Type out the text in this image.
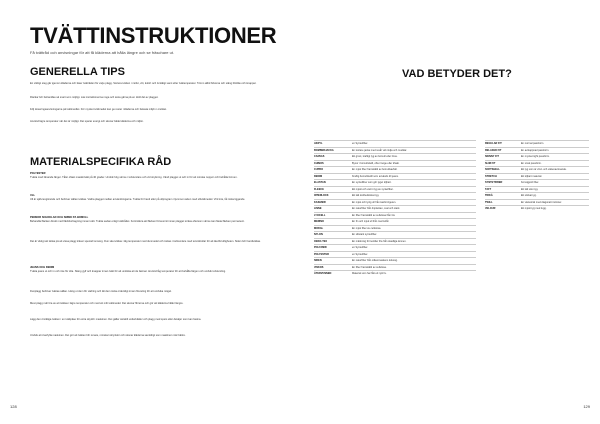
TVÄTTINSTRUKTIONER
Få tvättråd och anvisningar för att få kläderna att hålla längre och se fräschare ut.
GENERELLA TIPS
En vikitigt steg går igenom kläderna och läser tvättråden för varje plagg. Sortera tvätten i mörkt, vitt, kulört och ömtåligt samt efter tvättemperatur. Tömm alltid fickorna och stäng blixtlås och knappar.
Fläckar bör behandlas så snart som möjligt. Läs instruktionerna noga och testa gärna på en dold del av plagget.
Följ doseringsanvisningarna på tvättmedlet. För mycket tvättmedel kan ge rester i kläderna och belasta miljön i onödan.
Använd lägre temperatur när det är möjligt. Det sparar energi och skonar både kläderna och miljön.
MATERIALSPECIFIKA RÅD
POLYESTER
Tvätta med liknande färger. Tåler oftast maskintvätt på 40 grader. Undvik hög värme i torktumlare och vid strykning. Vänd plagget ut och in för att minska noppor och behålla formen.
ULL
Ull är självrengörande och behöver sällan tvättas. Vädra plagget mellan användningarna. Tvätta för hand eller på ullprogram i ljummet vatten med ulltvättmedel. Vrid inte, låt torka liggande.
PENNOR SCHOKLAD OCH SMINK PÅ BOMULL
Behandla fläcken direkt med fläckborttagning innan tvätt. Tvätta sedan enligt tvättrådet. Kontrollera att fläcken försvunnit innan plagget torkas eftersom värme kan fästa fläcken permanent.
Det är viktigt att tänka på att vissa plagg kräver speciell omsorg. Dun ska tvättas i låg temperatur med dunmedel och torkas i torktumlare med tennisbollar för att återfå luftigheten. Siden bör handtvättas.
JEANS OCH DENIM
Tvätta jeans ut och in och inte för ofta. Stäng gylf och knappar innan tvätt för att undvika att de fastnar. Använd låg temperatur för att behålla färgen och undvik torktumling.
Dunplagg behöver tvättas sällan. Häng ut dem för vädring och låt dem torka ordentligt innan förvaring för att undvika mögel.
Mest plagg mår bra av att tvättas i lägre temperatur och med ett milt tvättmedel. Det skonar fibrerna och gör att kläderna håller längre.
Lägg den ömtåliga tvätten i en tvättpåse för extra skydd i maskinen. Det gäller särskilt underkläder och plagg med spets eller detaljer som kan fastna.
Undvik att överfylla maskinen. Det gör att tvätten blir renare, minskar skrynklor och skonar kläderna samtidigt som maskinen mår bättre.
128
VAD BETYDER DET?
AKRYL	en Syntetfiber.
BOMBERJACKA	En kortare jacka med resår vid midja och muddar.
CANVAS	Ett grovt, kraftigt tyg av bomull eller linne.
CHINOS	Byxor i bomullstwill, ofta i beige eller khaki.
CUPRO	En mjuk fiber framställd av bomullsavfall.
DENIM	Kraftig bomullstwill som används till jeans.
ELASTAN	En syntetfiber som gör tyget töjbart.
FLEECE	Ett mjukt och varmt tyg av syntetfiber.
INTERLOCK	Ett tätt dubbelstickat tyg.
KASHMIR	En mjuk och lyxig ull från kashmirgeten.
LINNE	En naturfiber från linplantan, sval och stark.
LYOCELL	En fiber framställd av cellulosa från trä.
MERINO	En fin och mjuk ull från merinofår.
MODAL	En mjuk fiber av cellulosa.
NYLON	En slitstark syntetfiber.
OEKO-TEX	En märkning för textilier fria från skadliga ämnen.
POLYAMID	en Syntetfiber.
POLYESTER	en Syntetfiber.
SIDEN	En naturfiber från silkesmaskens kokong.
VISKOS	En fiber framställd av cellulosa.
ÅTERVUNNEN	Material som har fått ett nytt liv.
REGULAR FIT	En normal passform.
RELAXED FIT	En avslappnad passform.
SKINNY FIT	En mycket tight passform.
SLIM FIT	En smal passform.
SOFTSHELL	Ett tyg som är vind- och vattenavvisande.
STRETCH	Ett töjbart material.
SYNTETFIBER	Konstgjord fiber.
TAFT	Ett tätt vävt tyg.
TRIKÅ	Ett stickat tyg.
TWILL	En vävteknik med diagonalt mönster.
VELOUR	Ett mjukt tyg med lugg.
129
